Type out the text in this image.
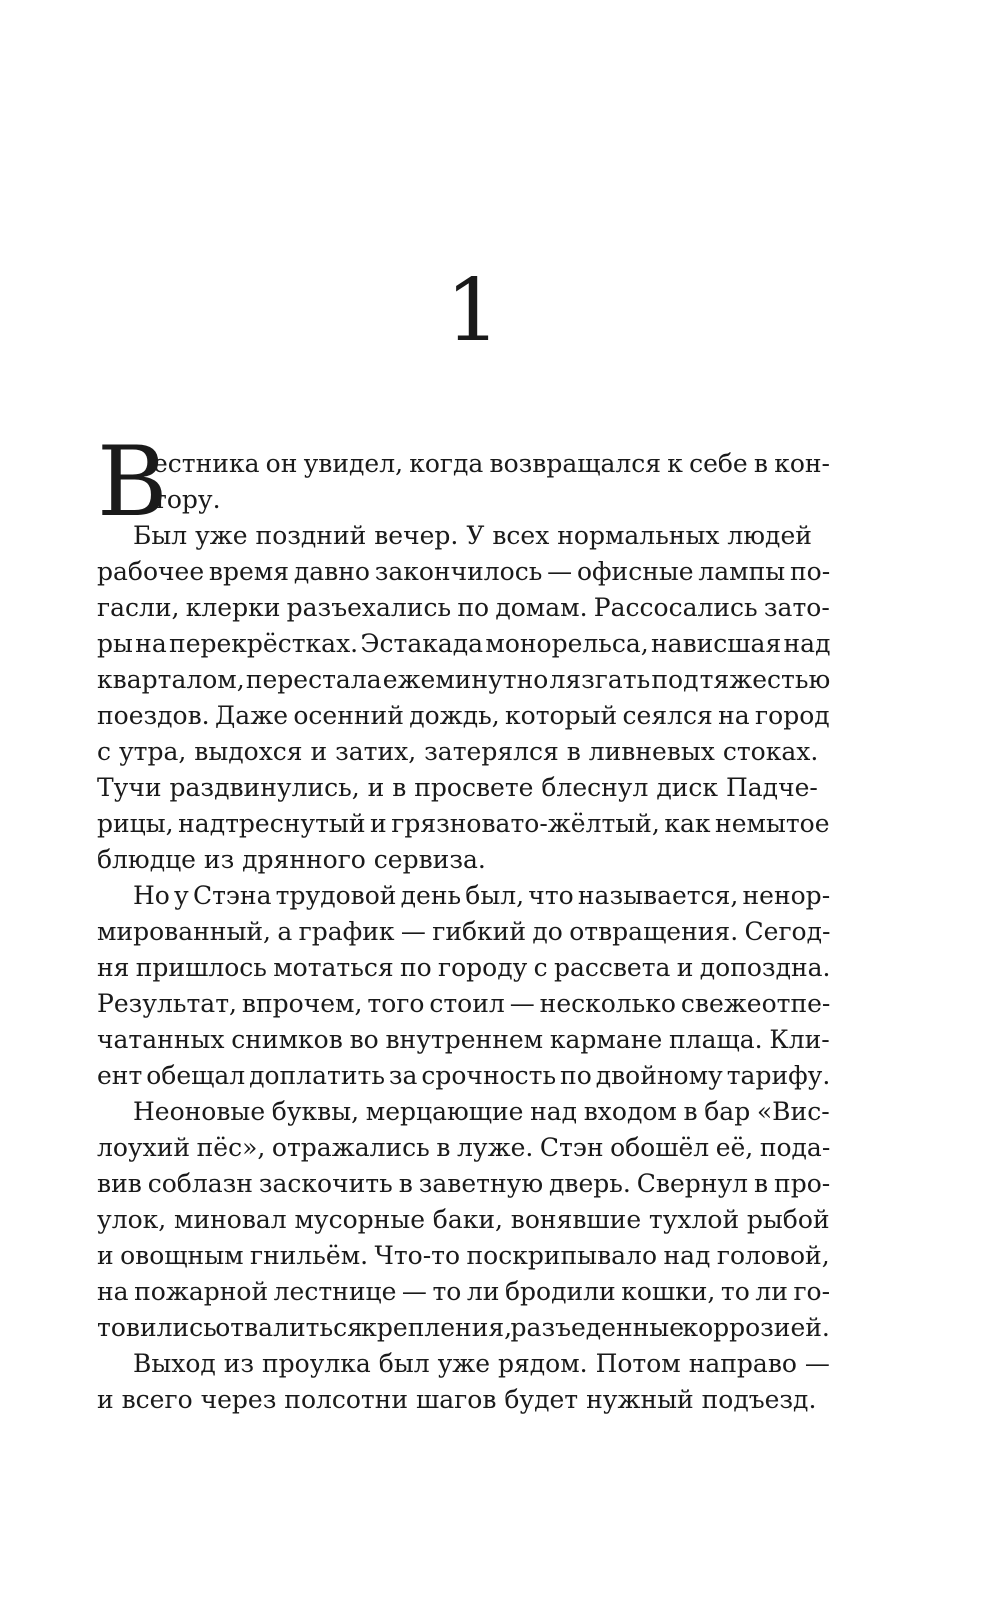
1
В
естника он увидел, когда возвращался к себе в кон-
тору.
Был уже поздний вечер. У всех нормальных людей
рабочее время давно закончилось — офисные лампы по-
гасли, клерки разъехались по домам. Рассосались зато-
ры на перекрёстках. Эстакада монорельса, нависшая над
кварталом, перестала ежеминутно лязгать под тяжестью
поездов. Даже осенний дождь, который сеялся на город
с утра, выдохся и затих, затерялся в ливневых стоках.
Тучи раздвинулись, и в просвете блеснул диск Падче-
рицы, надтреснутый и грязновато-жёлтый, как немытое
блюдце из дрянного сервиза.
Но у Стэна трудовой день был, что называется, ненор-
мированный, а график — гибкий до отвращения. Сегод-
ня пришлось мотаться по городу с рассвета и допоздна.
Результат, впрочем, того стоил — несколько свежеотпе-
чатанных снимков во внутреннем кармане плаща. Кли-
ент обещал доплатить за срочность по двойному тарифу.
Неоновые буквы, мерцающие над входом в бар «Вис-
лоухий пёс», отражались в луже. Стэн обошёл её, пода-
вив соблазн заскочить в заветную дверь. Свернул в про-
улок, миновал мусорные баки, вонявшие тухлой рыбой
и овощным гнильём. Что-то поскрипывало над головой,
на пожарной лестнице — то ли бродили кошки, то ли го-
товились отвалиться крепления, разъеденные коррозией.
Выход из проулка был уже рядом. Потом направо —
и всего через полсотни шагов будет нужный подъезд.
